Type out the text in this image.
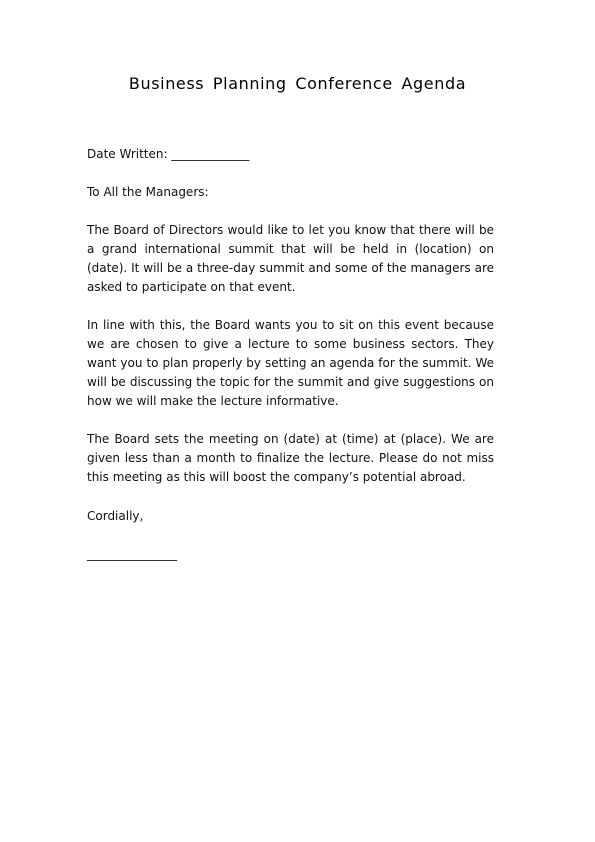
Business Planning Conference Agenda
Date Written: _____________
To All the Managers:
The Board of Directors would like to let you know that there will be a grand international summit that will be held in (location) on (date). It will be a three-day summit and some of the managers are asked to participate on that event.
In line with this, the Board wants you to sit on this event because we are chosen to give a lecture to some business sectors. They want you to plan properly by setting an agenda for the summit. We will be discussing the topic for the summit and give suggestions on how we will make the lecture informative.
The Board sets the meeting on (date) at (time) at (place). We are given less than a month to finalize the lecture. Please do not miss this meeting as this will boost the company’s potential abroad.
Cordially,
_______________
